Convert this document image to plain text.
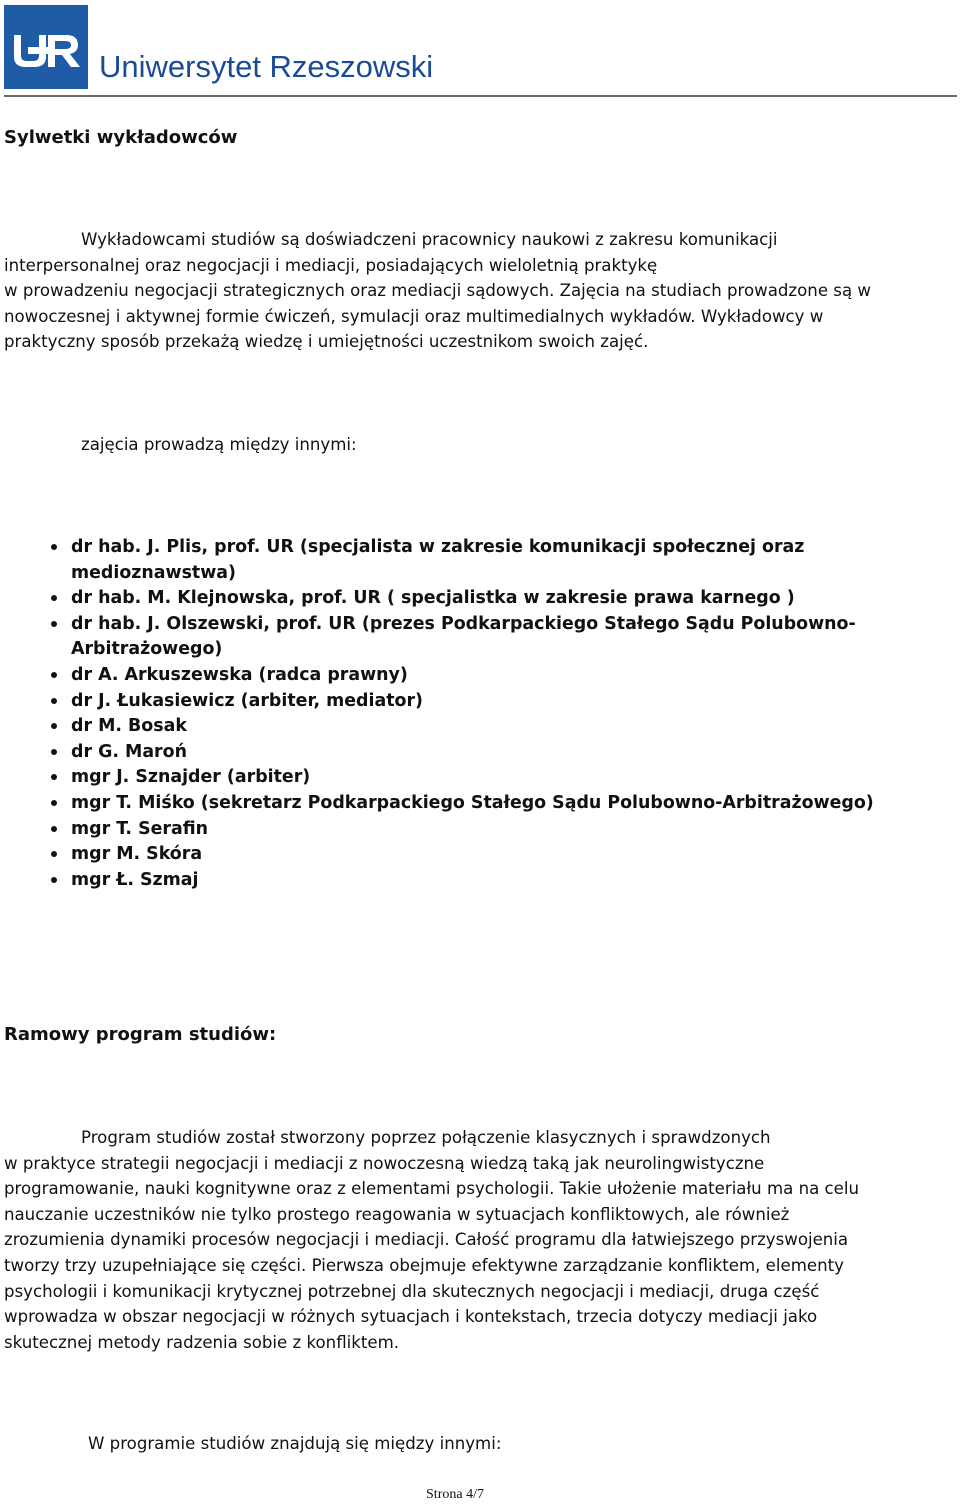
Uniwersytet Rzeszowski
Sylwetki wykładowców
Wykładowcami studiów są doświadczeni pracownicy naukowi z zakresu komunikacji
interpersonalnej oraz negocjacji i mediacji, posiadających wieloletnią praktykę
w prowadzeniu negocjacji strategicznych oraz mediacji sądowych. Zajęcia na studiach prowadzone są w
nowoczesnej i aktywnej formie ćwiczeń, symulacji oraz multimedialnych wykładów. Wykładowcy w
praktyczny sposób przekażą wiedzę i umiejętności uczestnikom swoich zajęć.
zajęcia prowadzą między innymi:
dr hab. J. Plis, prof. UR (specjalista w zakresie komunikacji społecznej oraz medioznawstwa)
dr hab. M. Klejnowska, prof. UR ( specjalistka w zakresie prawa karnego )
dr hab. J. Olszewski, prof. UR (prezes Podkarpackiego Stałego Sądu Polubowno-Arbitrażowego)
dr A. Arkuszewska (radca prawny)
dr J. Łukasiewicz (arbiter, mediator)
dr M. Bosak
dr G. Maroń
mgr J. Sznajder (arbiter)
mgr T. Miśko (sekretarz Podkarpackiego Stałego Sądu Polubowno-Arbitrażowego)
mgr T. Serafin
mgr M. Skóra
mgr Ł. Szmaj
Ramowy program studiów:
Program studiów został stworzony poprzez połączenie klasycznych i sprawdzonych
w praktyce strategii negocjacji i mediacji z nowoczesną wiedzą taką jak neurolingwistyczne
programowanie, nauki kognitywne oraz z elementami psychologii. Takie ułożenie materiału ma na celu
nauczanie uczestników nie tylko prostego reagowania w sytuacjach konfliktowych, ale również
zrozumienia dynamiki procesów negocjacji i mediacji. Całość programu dla łatwiejszego przyswojenia
tworzy trzy uzupełniające się części. Pierwsza obejmuje efektywne zarządzanie konfliktem, elementy
psychologii i komunikacji krytycznej potrzebnej dla skutecznych negocjacji i mediacji, druga część
wprowadza w obszar negocjacji w różnych sytuacjach i kontekstach, trzecia dotyczy mediacji jako
skutecznej metody radzenia sobie z konfliktem.
W programie studiów znajdują się między innymi:
Strona 4/7
